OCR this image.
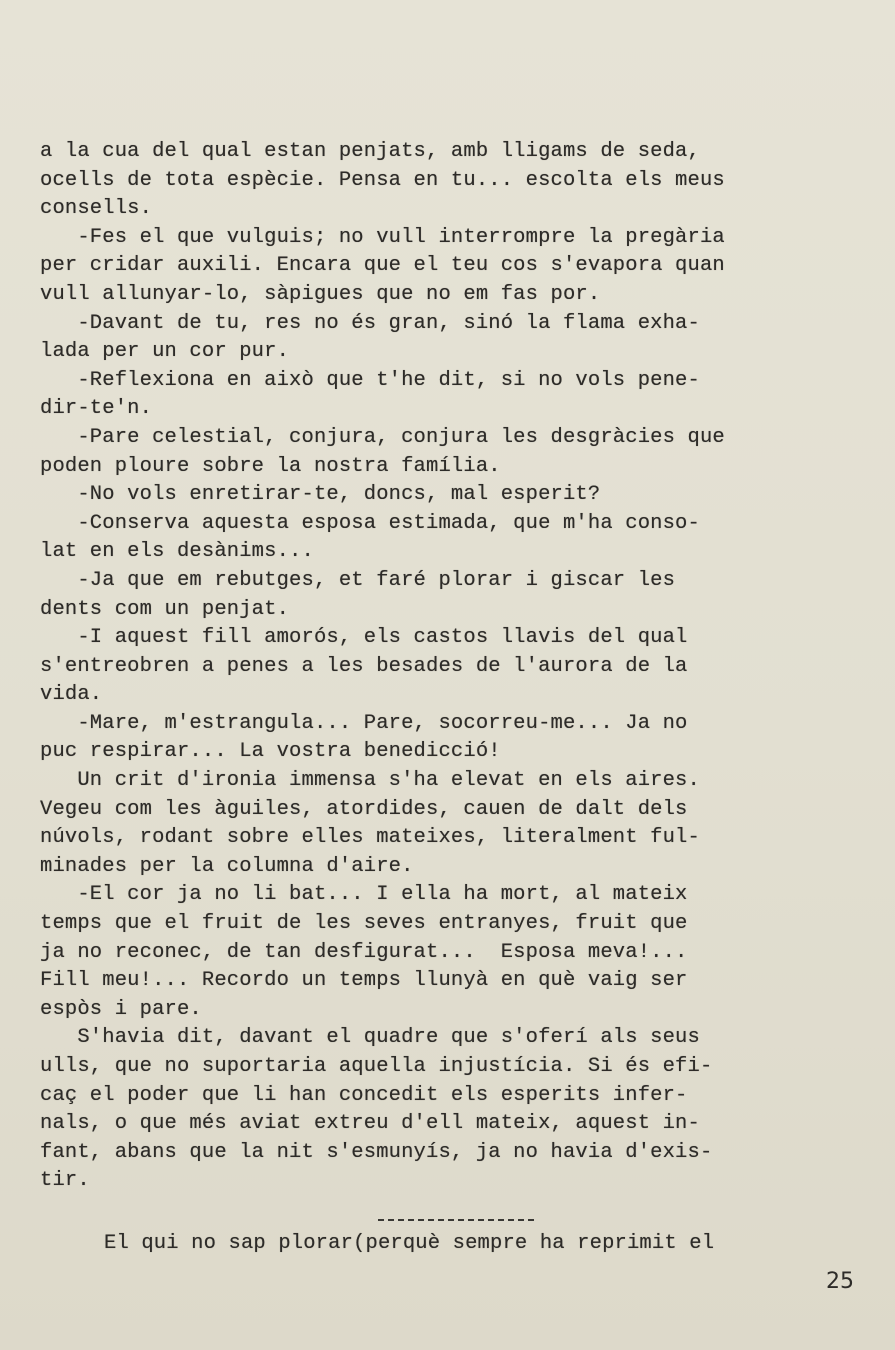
a la cua del qual estan penjats, amb lligams de seda,
ocells de tota espècie. Pensa en tu... escolta els meus
consells.
-Fes el que vulguis; no vull interrompre la pregària
per cridar auxili. Encara que el teu cos s'evapora quan
vull allunyar-lo, sàpigues que no em fas por.
-Davant de tu, res no és gran, sinó la flama exha-
lada per un cor pur.
-Reflexiona en això que t'he dit, si no vols pene-
dir-te'n.
-Pare celestial, conjura, conjura les desgràcies que
poden ploure sobre la nostra família.
-No vols enretirar-te, doncs, mal esperit?
-Conserva aquesta esposa estimada, que m'ha conso-
lat en els desànims...
-Ja que em rebutges, et faré plorar i giscar les
dents com un penjat.
-I aquest fill amorós, els castos llavis del qual
s'entreobren a penes a les besades de l'aurora de la
vida.
-Mare, m'estrangula... Pare, socorreu-me... Ja no
puc respirar... La vostra benedicció!
Un crit d'ironia immensa s'ha elevat en els aires.
Vegeu com les àguiles, atordides, cauen de dalt dels
núvols, rodant sobre elles mateixes, literalment ful-
minades per la columna d'aire.
-El cor ja no li bat... I ella ha mort, al mateix
temps que el fruit de les seves entranyes, fruit que
ja no reconec, de tan desfigurat...  Esposa meva!...
Fill meu!... Recordo un temps llunyà en què vaig ser
espòs i pare.
S'havia dit, davant el quadre que s'oferí als seus
ulls, que no suportaria aquella injustícia. Si és efi-
caç el poder que li han concedit els esperits infer-
nals, o que més aviat extreu d'ell mateix, aquest in-
fant, abans que la nit s'esmunyís, ja no havia d'exis-
tir.
El qui no sap plorar(perquè sempre ha reprimit el
25
